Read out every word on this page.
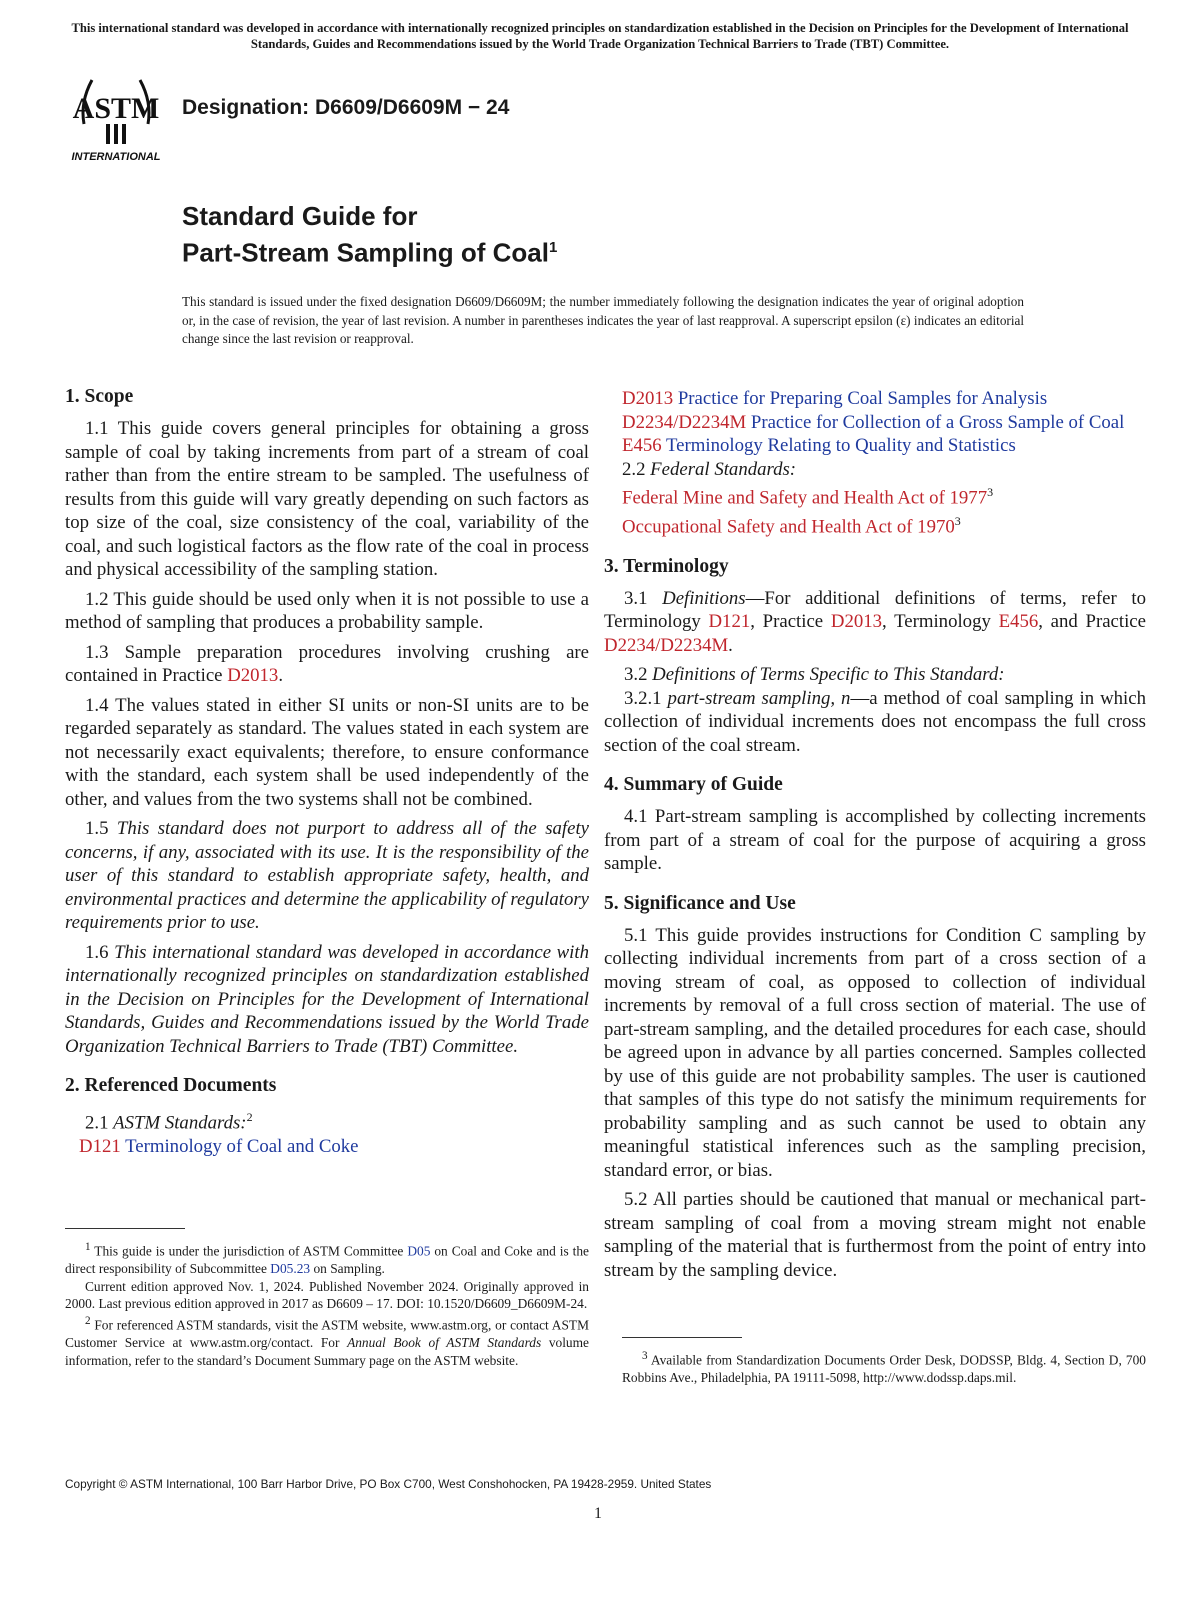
This international standard was developed in accordance with internationally recognized principles on standardization established in the Decision on Principles for the Development of International Standards, Guides and Recommendations issued by the World Trade Organization Technical Barriers to Trade (TBT) Committee.
ASTM
INTERNATIONAL
Designation: D6609/D6609M − 24
Standard Guide for
Part-Stream Sampling of Coal$^1$
This standard is issued under the fixed designation D6609/D6609M; the number immediately following the designation indicates the year of original adoption or, in the case of revision, the year of last revision. A number in parentheses indicates the year of last reapproval. A superscript epsilon (ε) indicates an editorial change since the last revision or reapproval.
1. Scope

1.1 This guide covers general principles for obtaining a gross sample of coal by taking increments from part of a stream of coal rather than from the entire stream to be sampled. The usefulness of results from this guide will vary greatly depending on such factors as top size of the coal, size consistency of the coal, variability of the coal, and such logistical factors as the flow rate of the coal in process and physical accessibility of the sampling station.

1.2 This guide should be used only when it is not possible to use a method of sampling that produces a probability sample.

1.3 Sample preparation procedures involving crushing are contained in Practice D2013.

1.4 The values stated in either SI units or non-SI units are to be regarded separately as standard. The values stated in each system are not necessarily exact equivalents; therefore, to ensure conformance with the standard, each system shall be used independently of the other, and values from the two systems shall not be combined.

1.5 This standard does not purport to address all of the safety concerns, if any, associated with its use. It is the responsibility of the user of this standard to establish appropriate safety, health, and environmental practices and determine the applicability of regulatory requirements prior to use.

1.6 This international standard was developed in accordance with internationally recognized principles on standardization established in the Decision on Principles for the Development of International Standards, Guides and Recommendations issued by the World Trade Organization Technical Barriers to Trade (TBT) Committee.

2. Referenced Documents

2.1 ASTM Standards:$^2$

D121 Terminology of Coal and Coke

D2013 Practice for Preparing Coal Samples for Analysis

D2234/D2234M Practice for Collection of a Gross Sample of Coal

E456 Terminology Relating to Quality and Statistics

2.2 Federal Standards:

Federal Mine and Safety and Health Act of 1977$^3$

Occupational Safety and Health Act of 1970$^3$

3. Terminology

3.1 Definitions—For additional definitions of terms, refer to Terminology D121, Practice D2013, Terminology E456, and Practice D2234/D2234M.

3.2 Definitions of Terms Specific to This Standard:

3.2.1 part-stream sampling, n—a method of coal sampling in which collection of individual increments does not encompass the full cross section of the coal stream.

4. Summary of Guide

4.1 Part-stream sampling is accomplished by collecting increments from part of a stream of coal for the purpose of acquiring a gross sample.

5. Significance and Use

5.1 This guide provides instructions for Condition C sampling by collecting individual increments from part of a cross section of a moving stream of coal, as opposed to collection of individual increments by removal of a full cross section of material. The use of part-stream sampling, and the detailed procedures for each case, should be agreed upon in advance by all parties concerned. Samples collected by use of this guide are not probability samples. The user is cautioned that samples of this type do not satisfy the minimum requirements for probability sampling and as such cannot be used to obtain any meaningful statistical inferences such as the sampling precision, standard error, or bias.

5.2 All parties should be cautioned that manual or mechanical part-stream sampling of coal from a moving stream might not enable sampling of the material that is furthermost from the point of entry into stream by the sampling device.

$^1$ This guide is under the jurisdiction of ASTM Committee D05 on Coal and Coke and is the direct responsibility of Subcommittee D05.23 on Sampling.

Current edition approved Nov. 1, 2024. Published November 2024. Originally approved in 2000. Last previous edition approved in 2017 as D6609 – 17. DOI: 10.1520/D6609_D6609M-24.

$^2$ For referenced ASTM standards, visit the ASTM website, www.astm.org, or contact ASTM Customer Service at www.astm.org/contact. For Annual Book of ASTM Standards volume information, refer to the standard’s Document Summary page on the ASTM website.	$^3$ Available from Standardization Documents Order Desk, DODSSP, Bldg. 4, Section D, 700 Robbins Ave., Philadelphia, PA 19111-5098, http://www.dodssp.daps.mil.

Copyright © ASTM International, 100 Barr Harbor Drive, PO Box C700, West Conshohocken, PA 19428-2959. United States
1
